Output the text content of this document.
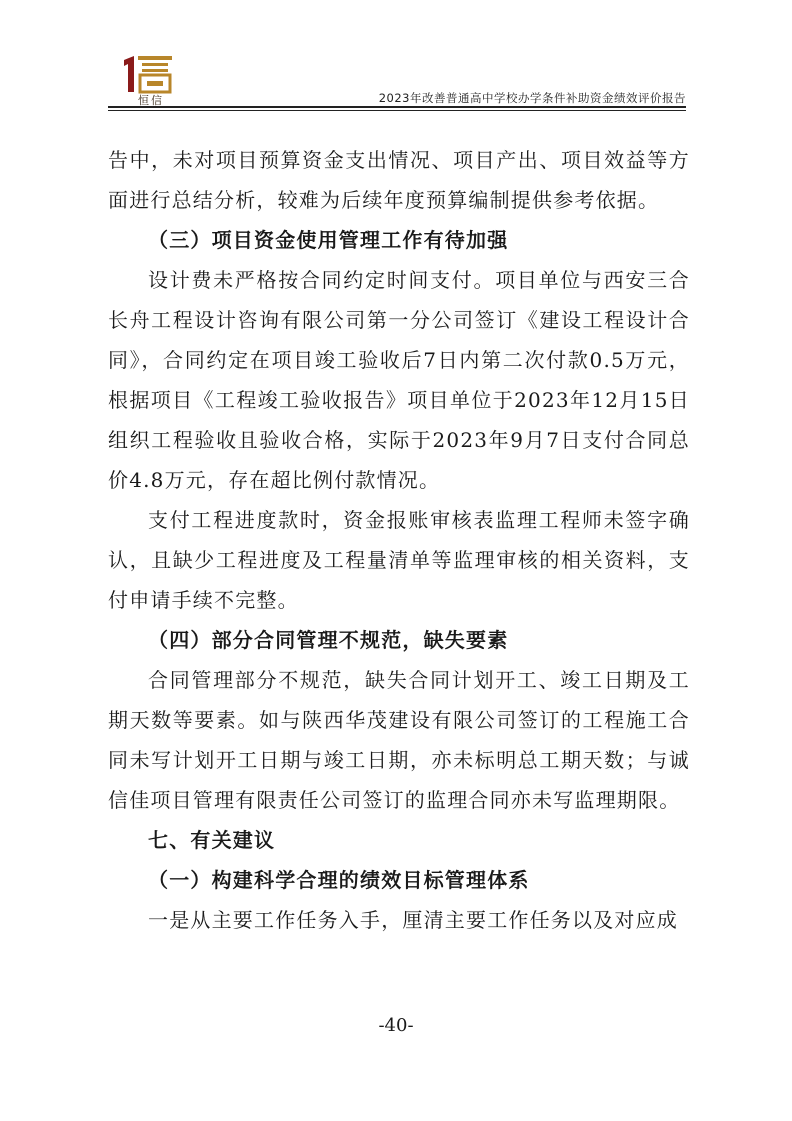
恒信	2023年改善普通高中学校办学条件补助资金绩效评价报告

告中，未对项目预算资金支出情况、项目产出、项目效益等方面进行总结分析，较难为后续年度预算编制提供参考依据。

（三）项目资金使用管理工作有待加强

设计费未严格按合同约定时间支付。项目单位与西安三合长舟工程设计咨询有限公司第一分公司签订《建设工程设计合同》，合同约定在项目竣工验收后7日内第二次付款0.5万元，根据项目《工程竣工验收报告》项目单位于2023年12月15日组织工程验收且验收合格，实际于2023年9月7日支付合同总价4.8万元，存在超比例付款情况。

支付工程进度款时，资金报账审核表监理工程师未签字确认，且缺少工程进度及工程量清单等监理审核的相关资料，支付申请手续不完整。

（四）部分合同管理不规范，缺失要素

合同管理部分不规范，缺失合同计划开工、竣工日期及工期天数等要素。如与陕西华茂建设有限公司签订的工程施工合同未写计划开工日期与竣工日期，亦未标明总工期天数；与诚信佳项目管理有限责任公司签订的监理合同亦未写监理期限。

七、有关建议

（一）构建科学合理的绩效目标管理体系

一是从主要工作任务入手，厘清主要工作任务以及对应成

-40-
